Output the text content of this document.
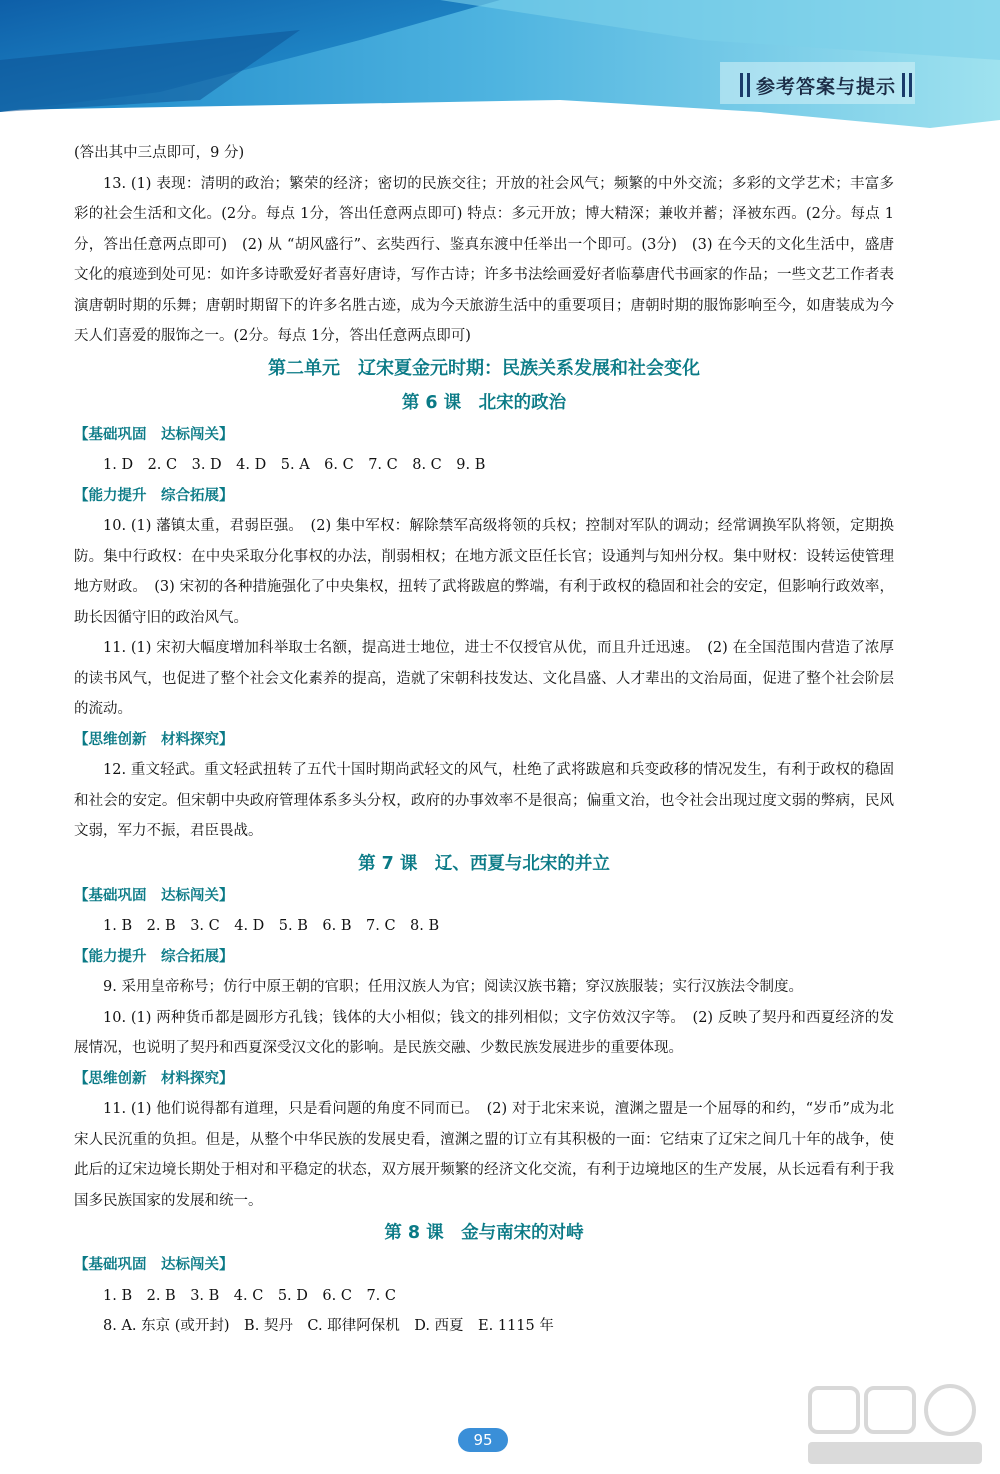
参考答案与提示

(答出其中三点即可，9 分)

13. (1) 表现：清明的政治；繁荣的经济；密切的民族交往；开放的社会风气；频繁的中外交流；多彩的文学艺术；丰富多彩的社会生活和文化。(2分。每点 1分，答出任意两点即可) 特点：多元开放；博大精深；兼收并蓄；泽被东西。(2分。每点 1分，答出任意两点即可)　(2) 从 “胡风盛行”、玄奘西行、鉴真东渡中任举出一个即可。(3分)　(3) 在今天的文化生活中，盛唐文化的痕迹到处可见：如许多诗歌爱好者喜好唐诗，写作古诗；许多书法绘画爱好者临摹唐代书画家的作品；一些文艺工作者表演唐朝时期的乐舞；唐朝时期留下的许多名胜古迹，成为今天旅游生活中的重要项目；唐朝时期的服饰影响至今，如唐装成为今天人们喜爱的服饰之一。(2分。每点 1分，答出任意两点即可)

第二单元　辽宋夏金元时期：民族关系发展和社会变化

第 6 课　北宋的政治

【基础巩固　达标闯关】

1. D　2. C　3. D　4. D　5. A　6. C　7. C　8. C　9. B

【能力提升　综合拓展】

10. (1) 藩镇太重，君弱臣强。　(2) 集中军权：解除禁军高级将领的兵权；控制对军队的调动；经常调换军队将领，定期换防。集中行政权：在中央采取分化事权的办法，削弱相权；在地方派文臣任长官；设通判与知州分权。集中财权：设转运使管理地方财政。　(3) 宋初的各种措施强化了中央集权，扭转了武将跋扈的弊端，有利于政权的稳固和社会的安定，但影响行政效率，助长因循守旧的政治风气。

11. (1) 宋初大幅度增加科举取士名额，提高进士地位，进士不仅授官从优，而且升迁迅速。　(2) 在全国范围内营造了浓厚的读书风气，也促进了整个社会文化素养的提高，造就了宋朝科技发达、文化昌盛、人才辈出的文治局面，促进了整个社会阶层的流动。

【思维创新　材料探究】

12. 重文轻武。重文轻武扭转了五代十国时期尚武轻文的风气，杜绝了武将跋扈和兵变政移的情况发生，有利于政权的稳固和社会的安定。但宋朝中央政府管理体系多头分权，政府的办事效率不是很高；偏重文治，也令社会出现过度文弱的弊病，民风文弱，军力不振，君臣畏战。

第 7 课　辽、西夏与北宋的并立

【基础巩固　达标闯关】

1. B　2. B　3. C　4. D　5. B　6. B　7. C　8. B

【能力提升　综合拓展】

9. 采用皇帝称号；仿行中原王朝的官职；任用汉族人为官；阅读汉族书籍；穿汉族服装；实行汉族法令制度。

10. (1) 两种货币都是圆形方孔钱；钱体的大小相似；钱文的排列相似；文字仿效汉字等。　(2) 反映了契丹和西夏经济的发展情况，也说明了契丹和西夏深受汉文化的影响。是民族交融、少数民族发展进步的重要体现。

【思维创新　材料探究】

11. (1) 他们说得都有道理，只是看问题的角度不同而已。　(2) 对于北宋来说，澶渊之盟是一个屈辱的和约，“岁币”成为北宋人民沉重的负担。但是，从整个中华民族的发展史看，澶渊之盟的订立有其积极的一面：它结束了辽宋之间几十年的战争，使此后的辽宋边境长期处于相对和平稳定的状态，双方展开频繁的经济文化交流，有利于边境地区的生产发展，从长远看有利于我国多民族国家的发展和统一。

第 8 课　金与南宋的对峙

【基础巩固　达标闯关】

1. B　2. B　3. B　4. C　5. D　6. C　7. C

8. A. 东京 (或开封)　B. 契丹　C. 耶律阿保机　D. 西夏　E. 1115 年

95
